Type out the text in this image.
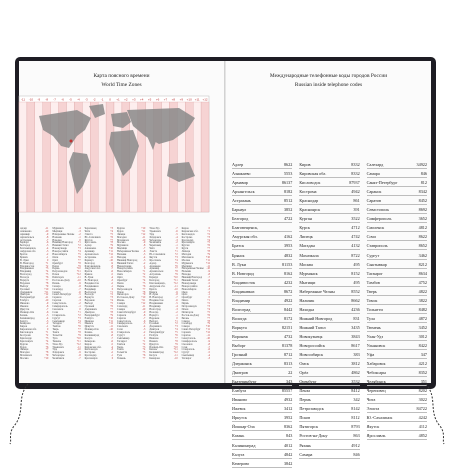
Карта поясного времени
World Time Zones
Международные телефонные коды городов России
Russian inside telephone codes
Адлер	8622
Азнакаево	5553
Армавир	86137
Архангельск	8182
Астрахань	8512
Барнаул	3852
Белгород	4722
Благовещенск,
Амурская обл.	4162
Братск	3953
Брянск	4832
В. Луки	81153
В. Новгород	8162
Владивосток	4232
Владикавказ	8672
Владимир	4922
Волгоград	8442
Вологда	8172
Воркута	82151
Воронеж	4732
Выборг	81378
Грозный	8712
Дзержинск	8313
Дмитров	22
Екатеринбург	343
Елабуга	85557
Иваново	4932
Ижевск	3412
Иркутск	3952
Йошкар-Ола	8362
Казань	843
Калининград	4012
Калуга	4842
Кемерово	3842
Киров	8332
Кировская обл.	8332
Кисловодск	87937
Кострома	4942
Краснодар	861
Красноярск	391
Курган	3522
Курск	4712
Липецк	4742
Магадан	4132
Махачкала	8722
Москва	495
Мурманск	8152
Мытищи	495
Набережные Челны	8552
Нальчик	8662
Находка	4236
Нижний Новгород	831
Нижний Тагил	3435
Новокузнецк	3843
Новороссийск	8617
Новосибирск	383
Омск	3812
Орёл	4862
Оренбург	3532
Пенза	8412
Пермь	342
Петрозаводск	8142
Псков	8112
Пятигорск	8793
Ростов-на-Дону	863
Рязань	4912
Самара	846
Салехард	34922
Самара	846
Санкт-Петербург	812
Саранск	8342
Саратов	8452
Севастополь	8692
Симферополь	3652
Смоленск	4812
Сочи	8622
Ставрополь	8652
Сургут	3462
Сыктывкар	8212
Таганрог	8634
Тамбов	4752
Тверь	4822
Томск	3822
Тольятти	8482
Тула	4872
Тюмень	3452
Улан-Удэ	3012
Ульяновск	8422
Уфа	347
Хабаровск	4212
Чебоксары	8352
Челябинск	351
Череповец	8202
Чита	3022
Элиста	84722
Ю.-Сахалинск	4242
Якутск	4112
Ярославль	4852
-11 -10 -9 -8 -7 -6 -5 -4 -3 -2 -1 0 +1 +2 +3 +4 +5 +6 +7 +8 +9 +10 +11 +12
Адлер	-11
Азнакаево	-10
Армавир	-9
Архангельск	-8
Астрахань	-7
Барнаул	-6
Белгород	-5
Благовещенск,	-4
Амурская обл.	-3
Братск	-2
Брянск	-1
В. Луки	0
В. Новгород	+1
Владивосток	+2
Владикавказ	+3
Владимир	+4
Волгоград	+5
Вологда	+6
Воркута	+7
Воронеж	+8
Выборг	+9
Грозный	+10
Дзержинск	+11
Дмитров	+12
Екатеринбург	-11
Елабуга	-10
Иваново	-9
Ижевск	-8
Иркутск	-7
Йошкар-Ола	-6
Казань	-5
Калининград	-4
Калуга	-3
Кемерово	-2
Киров	-1
Кировская обл.	0
Кисловодск	+1
Кострома	+2
Краснодар	+3
Красноярск	+4
Курган	+5
Курск	+6
Липецк	+7
Магадан	+8
Махачкала	+9
Москва	+10
Мурманск	-4
Мытищи	-3
Набережные Челны -2
Нальчик	-1
Находка	0
Нижний Новгород +1
Нижний Тагил	+2
Новокузнецк	+3
Новороссийск	+4
Новосибирск	+5
Омск	+6
Орёл	+7
Оренбург	+8
Пенза	+9
Пермь	+10
Петрозаводск	+11
Псков	+12
Пятигорск	-11
Ростов-на-Дону	-10
Рязань	-9
Самара	-8
Салехард	-7
Самара	-6
Санкт-Петербург	-5
Саранск	-4
Саратов	-3
Севастополь	-2
Симферополь	-1
Смоленск	0
Сочи	+1
Ставрополь	+2
Сургут	+3
Сыктывкар	+4
Таганрог	+5
Тамбов	+6
Тверь	+7
Томск	+8
Тольятти	+9
Тула	+10
Тюмень	+11
Улан-Удэ	+12
Ульяновск	-11
Уфа	-10
Хабаровск	-9
Чебоксары	-8
Челябинск	-7
Череповец	+3
Чита	+4
Элиста	+5
Ю.-Сахалинск	+6
Якутск	+7
Ярославль	+8
Адлер	+9
Азнакаево	+10
Армавир	+11
Архангельск	+12
Астрахань	-11
Барнаул	-10
Белгород	-9
Благовещенск,	-8
Амурская обл.	-7
Братск	-6
Брянск	-5
В. Луки	-4
В. Новгород	-3
Владивосток	-2
Владикавказ	-1
Владимир	0
Волгоград	+1
Вологда	+2
Воркута	+3
Воронеж	+4
Выборг	+5
Грозный	+6
Дзержинск	+7
Дмитров	+8
Екатеринбург	+9
Елабуга	+10
Иваново	+11
Ижевск	+12
Иркутск	-11
Йошкар-Ола	-10
Казань	-9
Калининград	-8
Калуга	-7
Кемерово	-6
Киров	-5
Кировская обл.	-4
Кисловодск	-3
Кострома	-2
Краснодар	-1
Красноярск	0
Курган	+10
Курск	+11
Липецк	+12
Магадан	-11
Махачкала	-10
Москва	-9
Мурманск	-8
Мытищи	-7
Набережные Челны -6
Нальчик	-5
Находка	-4
Нижний Новгород -3
Нижний Тагил	-2
Новокузнецк	-1
Новороссийск	0
Новосибирск	+1
Омск	+2
Орёл	+3
Оренбург	+4
Пенза	+5
Пермь	+6
Петрозаводск	+7
Псков	+8
Пятигорск	+9
Ростов-на-Дону	+10
Рязань	+11
Самара	+12
Салехард	-11
Самара	-10
Санкт-Петербург	-9
Саранск	-8
Саратов	-7
Севастополь	-6
Симферополь	-5
Смоленск	-4
Сочи	-3
Ставрополь	-2
Сургут	-1
Сыктывкар	0
Таганрог	+1
Тамбов	+2
Тверь	+3
Томск	+4
Тольятти	+5
Тула	+6
Тюмень	+7
Улан-Удэ	-7
Ульяновск	-6
Уфа	-5
Хабаровск	-4
Чебоксары	-3
Челябинск	-2
Череповец	-1
Чита	0
Элиста	+1
Ю.-Сахалинск	+2
Якутск	+3
Ярославль	+4
Адлер	+5
Азнакаево	+6
Армавир	+7
Архангельск	+8
Астрахань	+9
Барнаул	+10
Белгород	+11
Благовещенск,	+12
Амурская обл.	-11
Братск	-10
Брянск	-9
В. Луки	-8
В. Новгород	-7
Владивосток	-6
Владикавказ	-5
Владимир	-4
Волгоград	-3
Вологда	-2
Воркута	-1
Воронеж	0
Выборг	+1
Грозный	+2
Дзержинск	+3
Дмитров	+4
Екатеринбург	+5
Елабуга	+6
Иваново	+7
Ижевск	+8
Иркутск	+9
Йошкар-Ола	+10
Казань	+11
Калининград	+12
Калуга	-11
Кемерово	-10
Киров	0
Кировская обл.	+1
Кисловодск	+2
Кострома	+3
Краснодар	+4
Красноярск	+5
Курган	+6
Курск	+7
Липецк	+8
Магадан	+9
Махачкала	+10
Москва	+11
Мурманск	+12
Мытищи	-11
Набережные Челны -10
Нальчик	-9
Находка	-8
Нижний Новгород -7
Нижний Тагил	-6
Новокузнецк	-5
Новороссийск	-4
Новосибирск	-3
Омск	-2
Орёл	-1
Оренбург	0
Пенза	+1
Пермь	+2
Петрозаводск	+3
Псков	+4
Пятигорск	+5
Ростов-на-Дону	+6
Рязань	+7
Самара	+8
Салехард	+9
Самара	+10
Санкт-Петербург +11
Саранск	+12
Саратов	-11
Севастополь	-10
Симферополь	-9
Смоленск	-8
Сочи	-7
Ставрополь	-6
Сургут	-5
Сыктывкар	-4
Таганрог	-3
